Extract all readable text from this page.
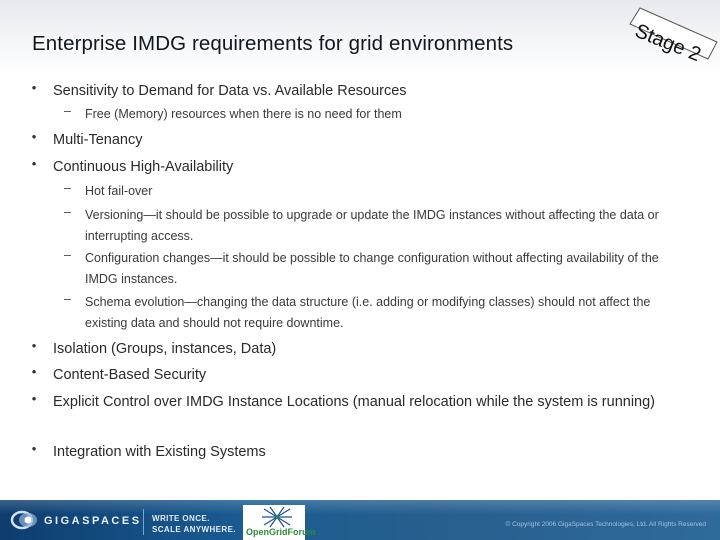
Enterprise IMDG requirements for grid environments	Stage 2
• Sensitivity to Demand for Data vs. Available Resources
– Free (Memory) resources when there is no need for them
• Multi-Tenancy
• Continuous High-Availability
– Hot fail-over
– Versioning—it should be possible to upgrade or update the IMDG instances without affecting the data or interrupting access.
– Configuration changes—it should be possible to change configuration without affecting availability of the IMDG instances.
– Schema evolution—changing the data structure (i.e. adding or modifying classes) should not affect the existing data and should not require downtime.
• Isolation (Groups, instances, Data)
• Content-Based Security
• Explicit Control over IMDG Instance Locations (manual relocation while the system is running)
• Integration with Existing Systems
GIGASPACES WRITE ONCE.
SCALE ANYWHERE. OpenGridForum
© Copyright 2006 GigaSpaces Technologies, Ltd. All Rights Reserved
